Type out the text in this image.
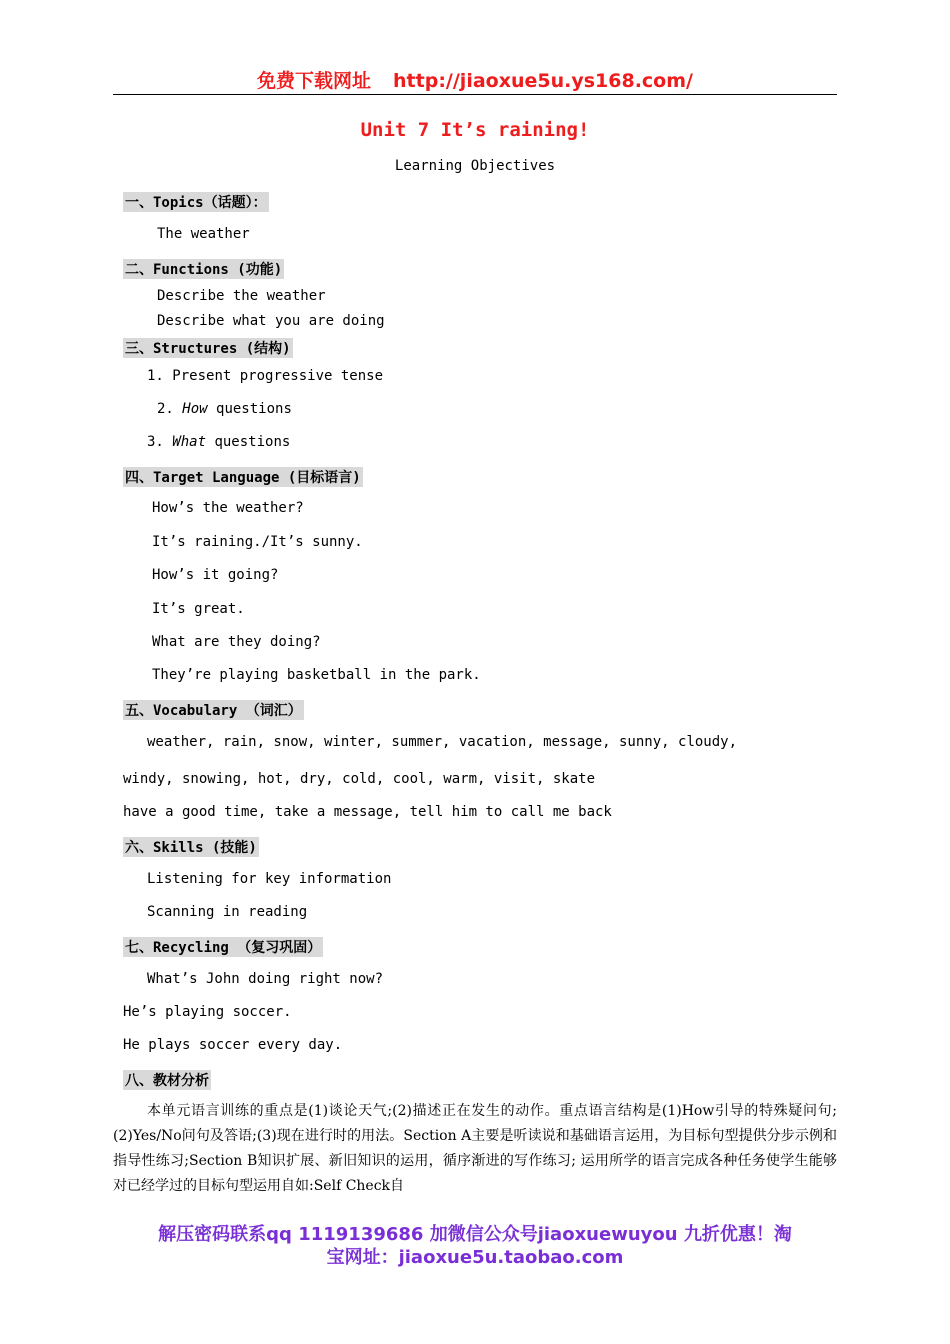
免费下载网址 http://jiaoxue5u.ys168.com/
Unit 7 It’s raining!
Learning Objectives
一、Topics（话题）：
The weather
二、Functions (功能)
Describe the weather
Describe what you are doing
三、Structures (结构)
1. Present progressive tense
2. How questions
3. What questions
四、Target Language (目标语言)
How’s the weather?
It’s raining./It’s sunny.
How’s it going?
It’s great.
What are they doing?
They’re playing basketball in the park.
五、Vocabulary （词汇）
weather, rain, snow, winter, summer, vacation, message, sunny, cloudy,
windy, snowing, hot, dry, cold, cool, warm, visit, skate
have a good time, take a message, tell him to call me back
六、Skills (技能)
Listening for key information
Scanning in reading
七、Recycling （复习巩固）
What’s John doing right now?
He’s playing soccer.
He plays soccer every day.
八、教材分析
本单元语言训练的重点是(1)谈论天气;(2)描述正在发生的动作。重点语言结构是(1)How引导的特殊疑问句;(2)Yes/No问句及答语;(3)现在进行时的用法。Section A主要是听读说和基础语言运用，为目标句型提供分步示例和指导性练习;Section B知识扩展、新旧知识的运用，循序渐进的写作练习; 运用所学的语言完成各种任务使学生能够对已经学过的目标句型运用自如:Self Check自
解压密码联系qq 1119139686 加微信公众号jiaoxuewuyou 九折优惠！淘
宝网址：jiaoxue5u.taobao.com
